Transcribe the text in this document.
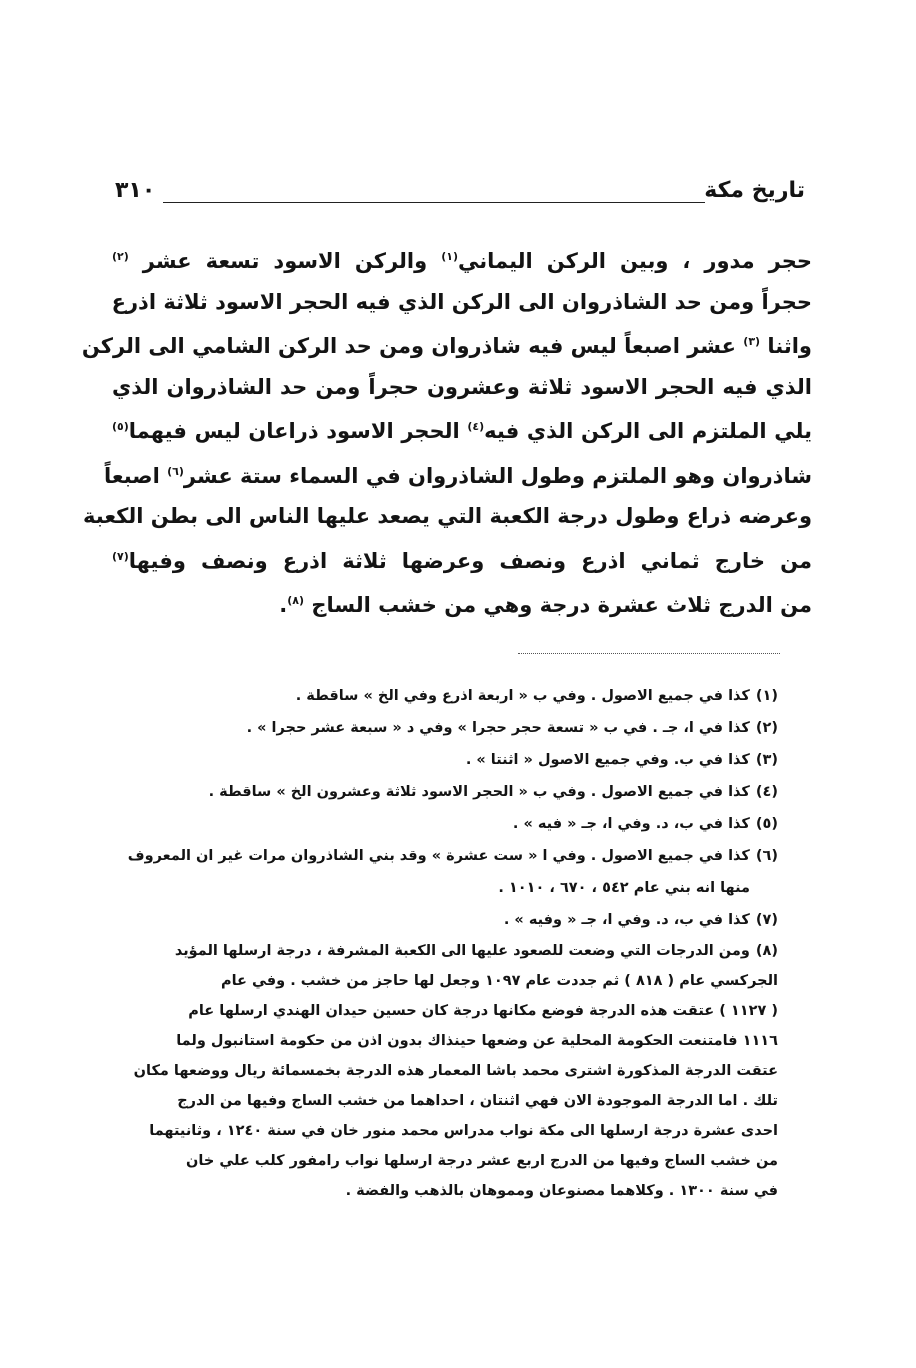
تاريخ مكة
٣١٠
حجر مدور ، وبين الركن اليماني$^{(١)}$ والركن الاسود تسعة عشر $^{(٢)}$
حجراً ومن حد الشاذروان الى الركن الذي فيه الحجر الاسود ثلاثة اذرع
واثنا $^{(٣)}$ عشر اصبعاً ليس فيه شاذروان ومن حد الركن الشامي الى الركن
الذي فيه الحجر الاسود ثلاثة وعشرون حجراً ومن حد الشاذروان الذي
يلي الملتزم الى الركن الذي فيه$^{(٤)}$ الحجر الاسود ذراعان ليس فيهما$^{(٥)}$
شاذروان وهو الملتزم وطول الشاذروان في السماء ستة عشر$^{(٦)}$ اصبعاً
وعرضه ذراع وطول درجة الكعبة التي يصعد عليها الناس الى بطن الكعبة
من خارج ثماني اذرع ونصف وعرضها ثلاثة اذرع ونصف وفيها$^{(٧)}$
من الدرج ثلاث عشرة درجة وهي من خشب الساج $^{(٨)}$.
(١)كذا في جميع الاصول . وفي ب « اربعة اذرع وفي الخ » ساقطة .
(٢)كذا في ا، جـ . في ب « تسعة حجر حجرا » وفي د « سبعة عشر حجرا » .
(٣)كذا في ب. وفي جميع الاصول « اثنتا » .
(٤)كذا في جميع الاصول . وفي ب « الحجر الاسود ثلاثة وعشرون الخ » ساقطة .
(٥)كذا في ب، د. وفي ا، جـ « فيه » .
(٦)كذا في جميع الاصول . وفي ا « ست عشرة » وقد بني الشاذروان مرات غير ان المعروف
منها انه بني عام ٥٤٢ ، ٦٧٠ ، ١٠١٠ .
(٧)كذا في ب، د. وفي ا، جـ « وفيه » .
(٨)ومن الدرجات التي وضعت للصعود عليها الى الكعبة المشرفة ، درجة ارسلها المؤيد
الجركسي عام ( ٨١٨ ) ثم جددت عام ١٠٩٧ وجعل لها حاجز من خشب . وفي عام
( ١١٢٧ ) عتقت هذه الدرجة فوضع مكانها درجة كان حسين حيدان الهندي ارسلها عام
١١١٦ فامتنعت الحكومة المحلية عن وضعها حينذاك بدون اذن من حكومة استانبول ولما
عتقت الدرجة المذكورة اشترى محمد باشا المعمار هذه الدرجة بخمسمائة ريال ووضعها مكان
تلك . اما الدرجة الموجودة الان فهي اثنتان ، احداهما من خشب الساج وفيها من الدرج
احدى عشرة درجة ارسلها الى مكة نواب مدراس محمد منور خان في سنة ١٢٤٠ ، وثانيتهما
من خشب الساج وفيها من الدرج اربع عشر درجة ارسلها نواب رامفور كلب علي خان
في سنة ١٣٠٠ . وكلاهما مصنوعان ومموهان بالذهب والفضة .
